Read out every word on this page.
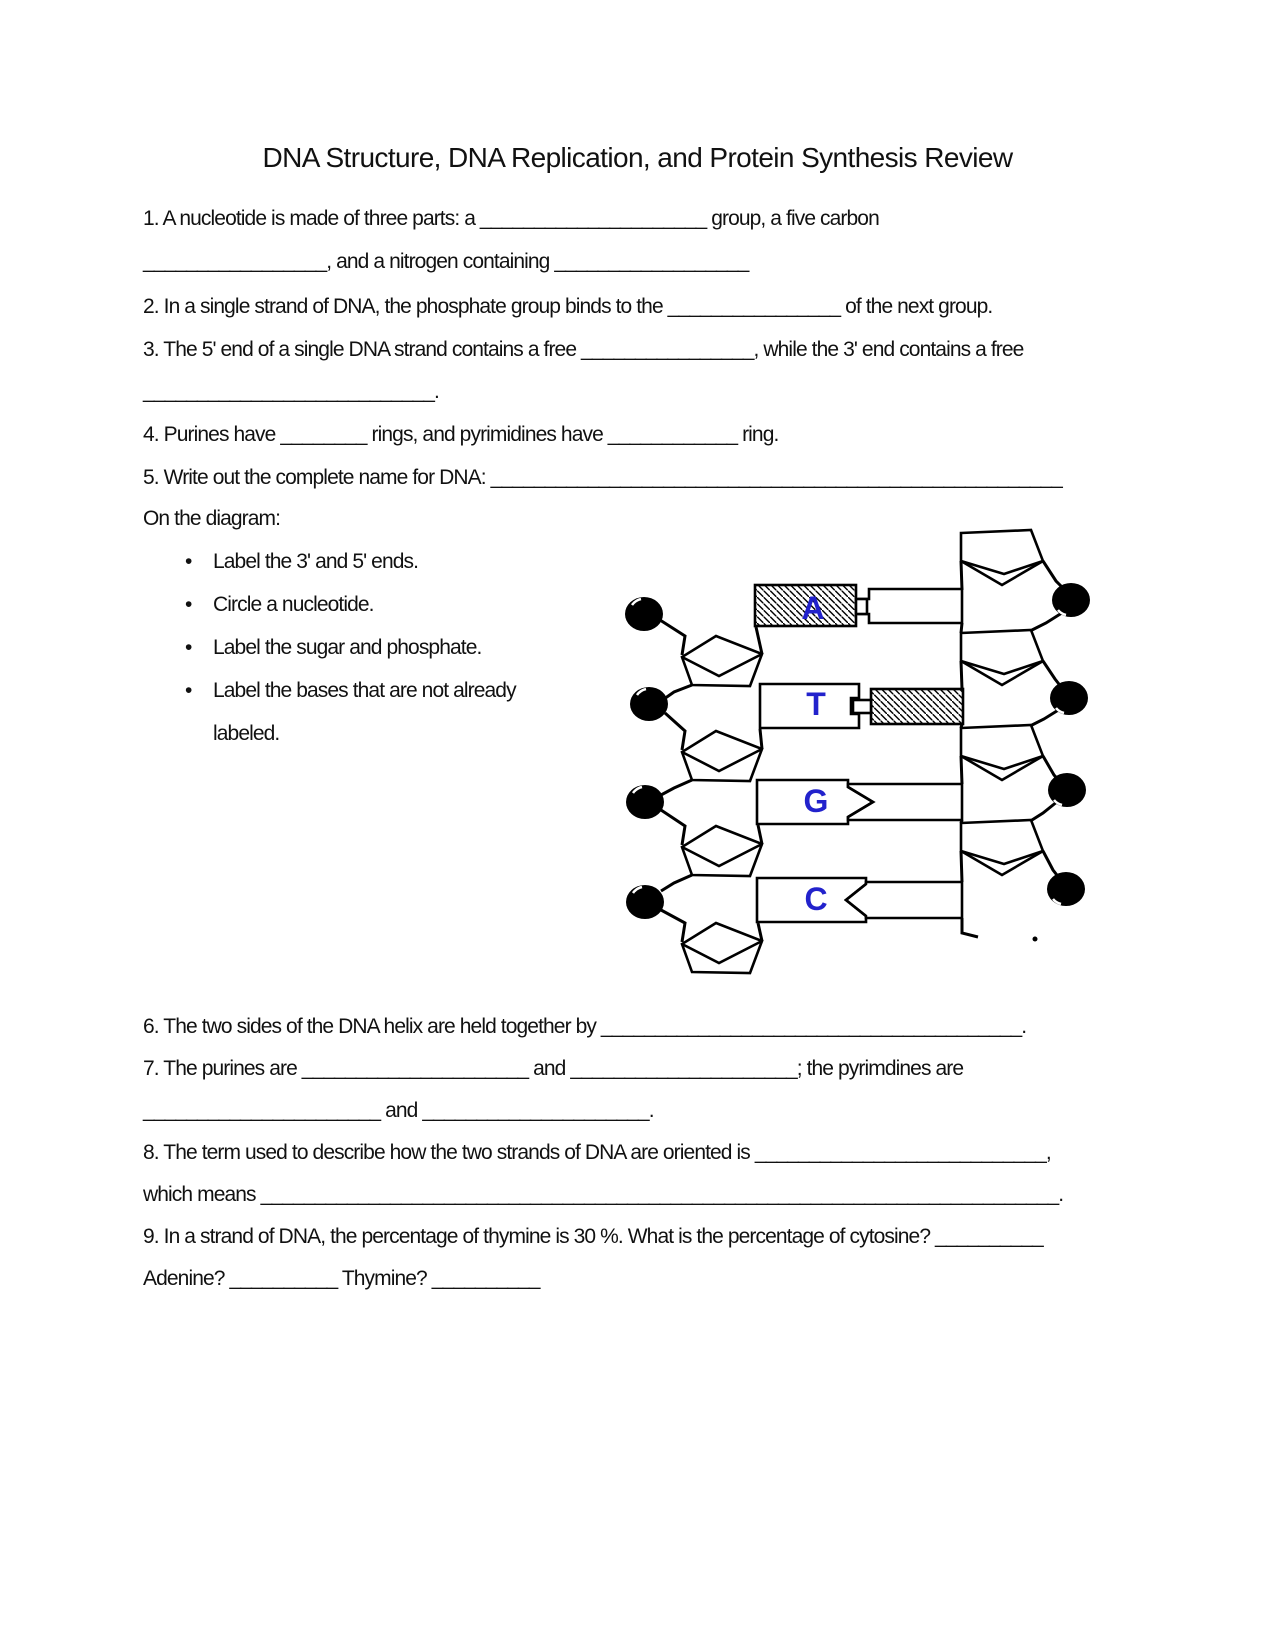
DNA Structure, DNA Replication, and Protein Synthesis Review
1. A nucleotide is made of three parts: a _____________________ group, a five carbon
_________________, and a nitrogen containing __________________
2. In a single strand of DNA, the phosphate group binds to the ________________ of the next group.
3. The 5' end of a single DNA strand contains a free ________________, while the 3' end contains a free
___________________________.
4. Purines have ________ rings, and pyrimidines have ____________ ring.
5. Write out the complete name for DNA: _____________________________________________________
On the diagram:
• Label the 3' and 5' ends.
• Circle a nucleotide.
• Label the sugar and phosphate.
• Label the bases that are not already
labeled.
6. The two sides of the DNA helix are held together by _______________________________________.
7. The purines are _____________________ and _____________________; the pyrimdines are
______________________ and _____________________.
8. The term used to describe how the two strands of DNA are oriented is ___________________________,
which means __________________________________________________________________________.
9. In a strand of DNA, the percentage of thymine is 30 %. What is the percentage of cytosine? __________
Adenine? __________ Thymine? __________
A
T
G
C
